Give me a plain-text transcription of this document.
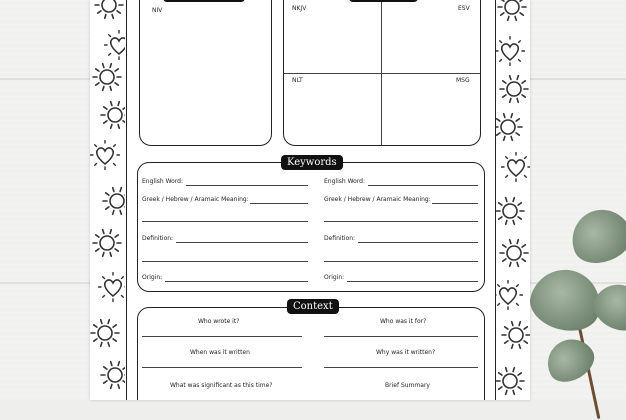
NIV	NKJV	ESV
NLT	MSG
English Word:
Greek / Hebrew / Aramaic Meaning:
Definition:
Origin:
English Word:
Greek / Hebrew / Aramaic Meaning:
Definition:
Origin:
Keywords
Who wrote it?
When was it written
What was significant as this time?
Who was it for?
Why was it written?
Brief Summary
Context
